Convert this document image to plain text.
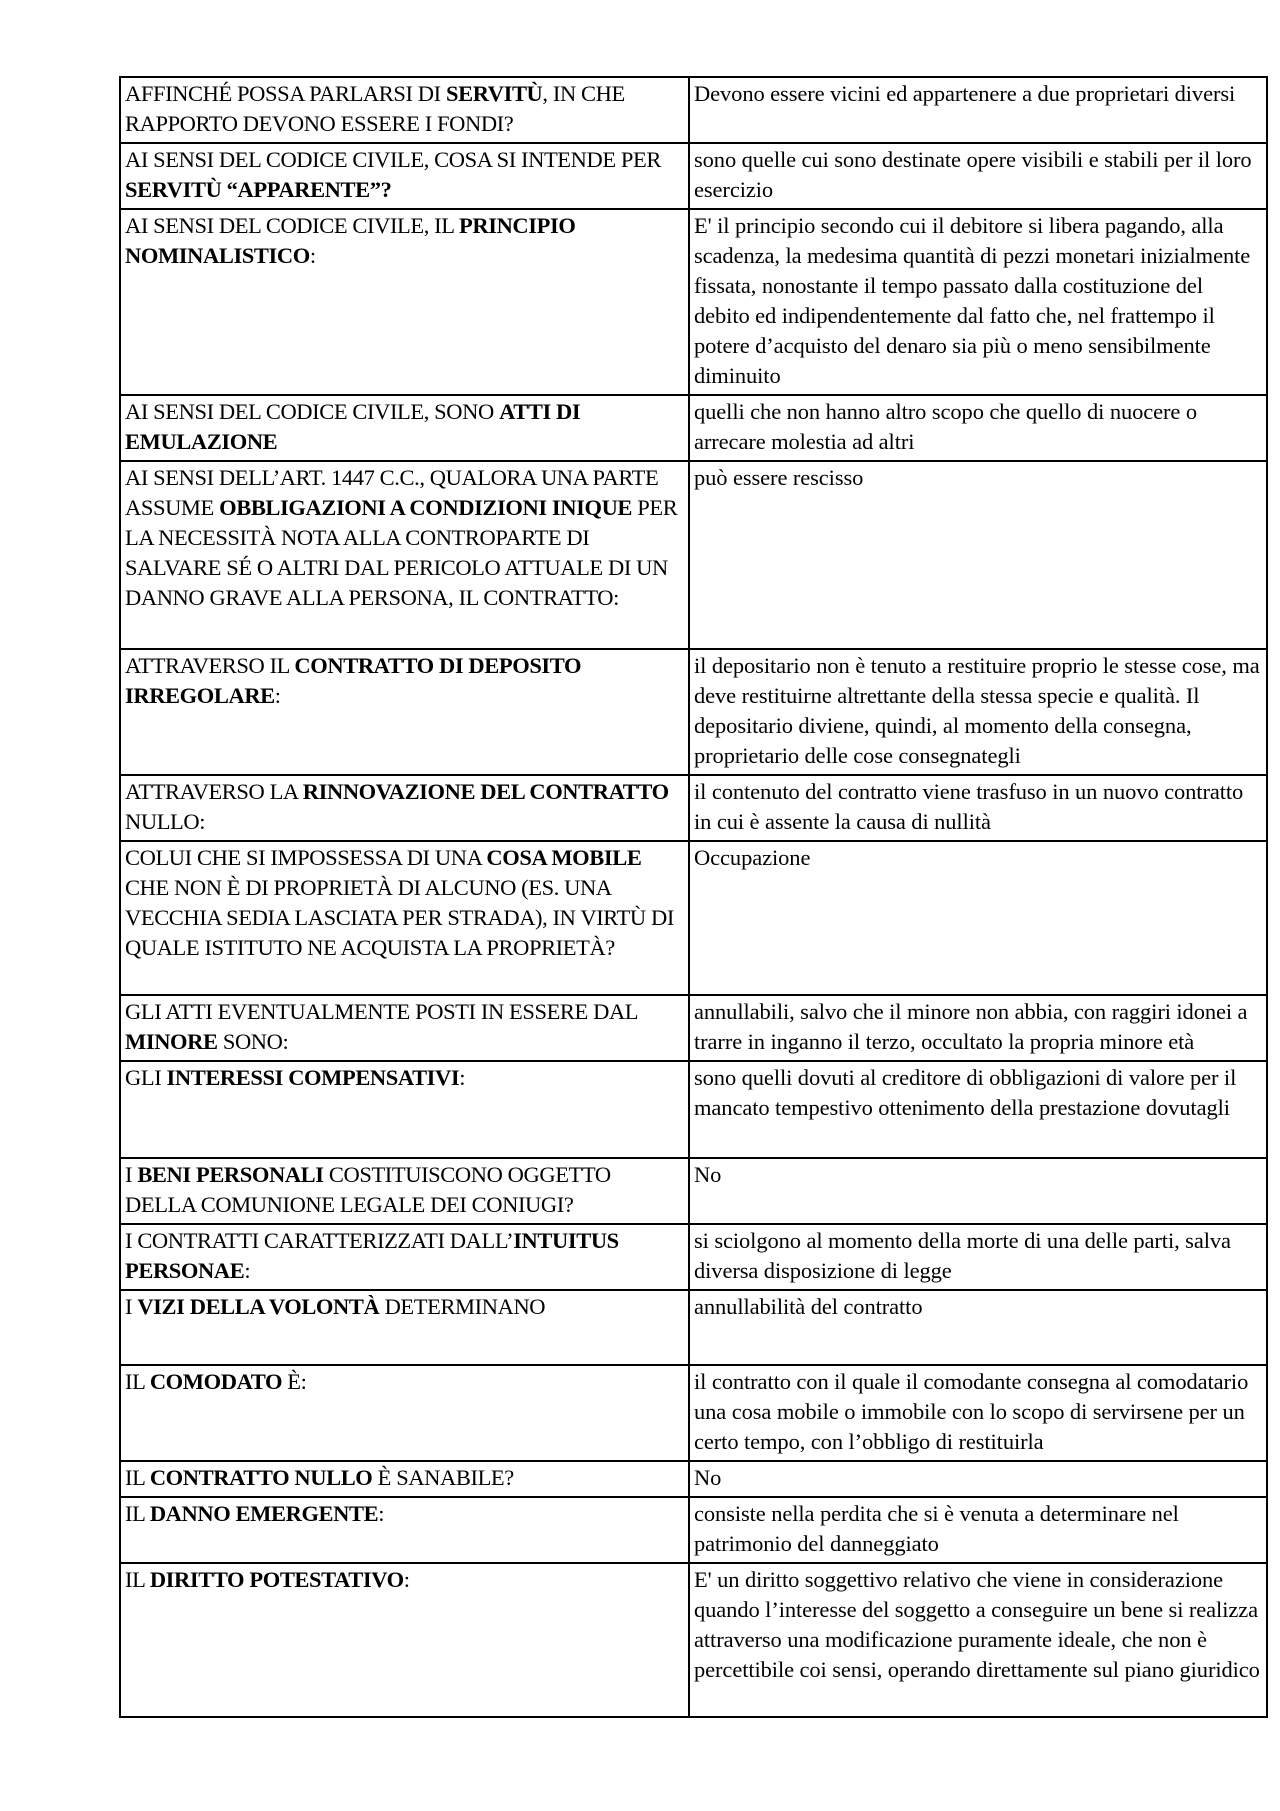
AFFINCHÉ POSSA PARLARSI DI SERVITÙ, IN CHE RAPPORTO DEVONO ESSERE I FONDI?	Devono essere vicini ed appartenere a due proprietari diversi
AI SENSI DEL CODICE CIVILE, COSA SI INTENDE PER SERVITÙ “APPARENTE”?	sono quelle cui sono destinate opere visibili e stabili per il loro esercizio
AI SENSI DEL CODICE CIVILE, IL PRINCIPIO NOMINALISTICO:	E' il principio secondo cui il debitore si libera pagando, alla scadenza, la medesima quantità di pezzi monetari inizialmente fissata, nonostante il tempo passato dalla costituzione del debito ed indipendentemente dal fatto che, nel frattempo il potere d’acquisto del denaro sia più o meno sensibilmente diminuito
AI SENSI DEL CODICE CIVILE, SONO ATTI DI EMULAZIONE	quelli che non hanno altro scopo che quello di nuocere o arrecare molestia ad altri
AI SENSI DELL’ART. 1447 C.C., QUALORA UNA PARTE ASSUME OBBLIGAZIONI A CONDIZIONI INIQUE PER LA NECESSITÀ NOTA ALLA CONTROPARTE DI SALVARE SÉ O ALTRI DAL PERICOLO ATTUALE DI UN DANNO GRAVE ALLA PERSONA, IL CONTRATTO:	può essere rescisso
ATTRAVERSO IL CONTRATTO DI DEPOSITO IRREGOLARE:	il depositario non è tenuto a restituire proprio le stesse cose, ma deve restituirne altrettante della stessa specie e qualità. Il depositario diviene, quindi, al momento della consegna, proprietario delle cose consegnategli
ATTRAVERSO LA RINNOVAZIONE DEL CONTRATTO NULLO:	il contenuto del contratto viene trasfuso in un nuovo contratto in cui è assente la causa di nullità
COLUI CHE SI IMPOSSESSA DI UNA COSA MOBILE CHE NON È DI PROPRIETÀ DI ALCUNO (ES. UNA VECCHIA SEDIA LASCIATA PER STRADA), IN VIRTÙ DI QUALE ISTITUTO NE ACQUISTA LA PROPRIETÀ?	Occupazione
GLI ATTI EVENTUALMENTE POSTI IN ESSERE DAL MINORE SONO:	annullabili, salvo che il minore non abbia, con raggiri idonei a trarre in inganno il terzo, occultato la propria minore età
GLI INTERESSI COMPENSATIVI:	sono quelli dovuti al creditore di obbligazioni di valore per il mancato tempestivo ottenimento della prestazione dovutagli
I BENI PERSONALI COSTITUISCONO OGGETTO DELLA COMUNIONE LEGALE DEI CONIUGI?	No
I CONTRATTI CARATTERIZZATI DALL’INTUITUS PERSONAE:	si sciolgono al momento della morte di una delle parti, salva diversa disposizione di legge
I VIZI DELLA VOLONTÀ DETERMINANO	annullabilità del contratto
IL COMODATO È:	il contratto con il quale il comodante consegna al comodatario una cosa mobile o immobile con lo scopo di servirsene per un certo tempo, con l’obbligo di restituirla
IL CONTRATTO NULLO È SANABILE?	No
IL DANNO EMERGENTE:	consiste nella perdita che si è venuta a determinare nel patrimonio del danneggiato
IL DIRITTO POTESTATIVO:	E' un diritto soggettivo relativo che viene in considerazione quando l’interesse del soggetto a conseguire un bene si realizza attraverso una modificazione puramente ideale, che non è percettibile coi sensi, operando direttamente sul piano giuridico
